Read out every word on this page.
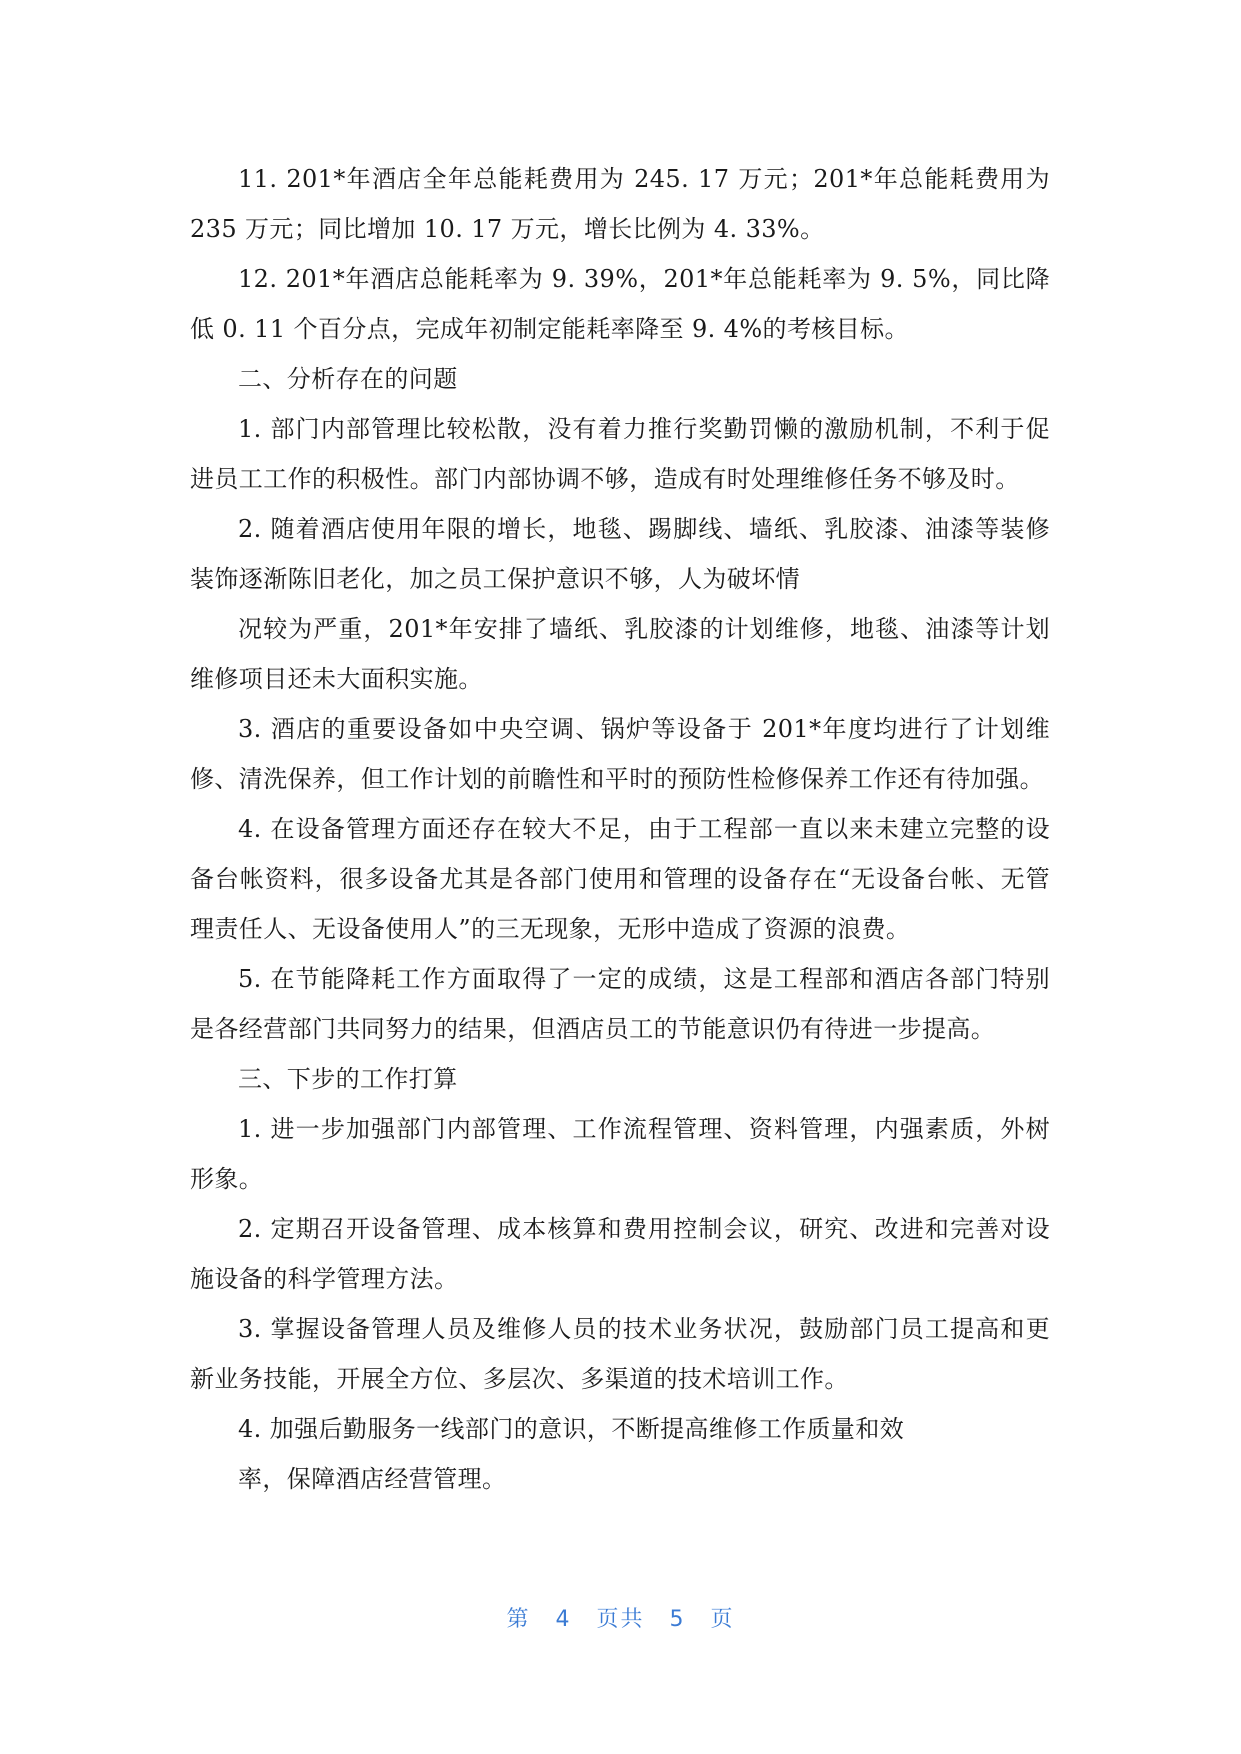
11. 201*年酒店全年总能耗费用为 245. 17 万元；201*年总能耗费用为 235 万元；同比增加 10. 17 万元，增长比例为 4. 33%。

12. 201*年酒店总能耗率为 9. 39%，201*年总能耗率为 9. 5%，同比降低 0. 11 个百分点，完成年初制定能耗率降至 9. 4%的考核目标。

二、分析存在的问题

1. 部门内部管理比较松散，没有着力推行奖勤罚懒的激励机制，不利于促进员工工作的积极性。部门内部协调不够，造成有时处理维修任务不够及时。

2. 随着酒店使用年限的增长，地毯、踢脚线、墙纸、乳胶漆、油漆等装修装饰逐渐陈旧老化，加之员工保护意识不够，人为破坏情

况较为严重，201*年安排了墙纸、乳胶漆的计划维修，地毯、油漆等计划维修项目还未大面积实施。

3. 酒店的重要设备如中央空调、锅炉等设备于 201*年度均进行了计划维修、清洗保养，但工作计划的前瞻性和平时的预防性检修保养工作还有待加强。

4. 在设备管理方面还存在较大不足，由于工程部一直以来未建立完整的设备台帐资料，很多设备尤其是各部门使用和管理的设备存在“无设备台帐、无管理责任人、无设备使用人”的三无现象，无形中造成了资源的浪费。

5. 在节能降耗工作方面取得了一定的成绩，这是工程部和酒店各部门特别是各经营部门共同努力的结果，但酒店员工的节能意识仍有待进一步提高。

三、下步的工作打算

1. 进一步加强部门内部管理、工作流程管理、资料管理，内强素质，外树形象。

2. 定期召开设备管理、成本核算和费用控制会议，研究、改进和完善对设施设备的科学管理方法。

3. 掌握设备管理人员及维修人员的技术业务状况，鼓励部门员工提高和更新业务技能，开展全方位、多层次、多渠道的技术培训工作。

4. 加强后勤服务一线部门的意识，不断提高维修工作质量和效

率，保障酒店经营管理。

第 4 页共 5 页
